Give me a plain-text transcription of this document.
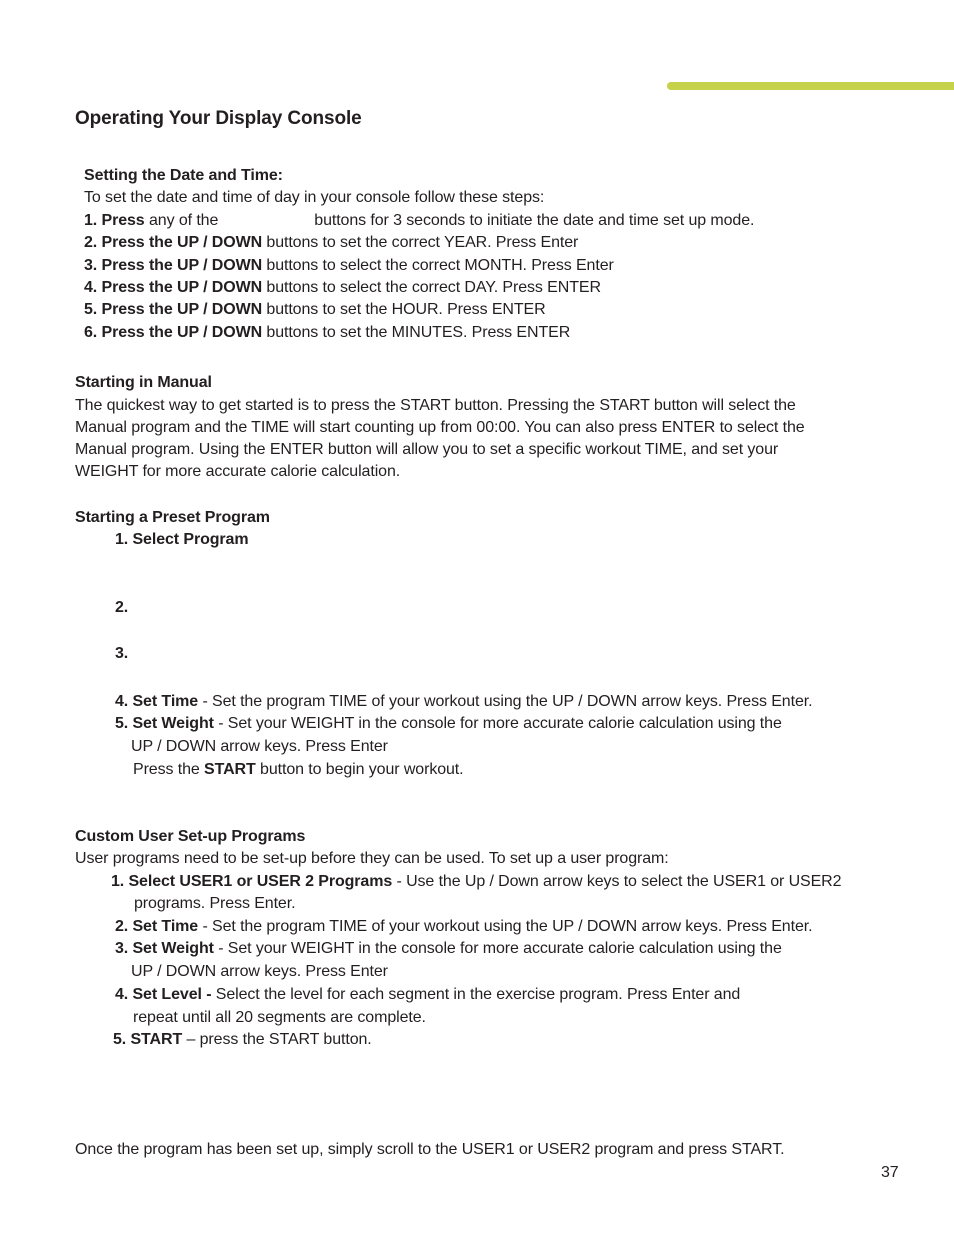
Operating Your Display Console
Setting the Date and Time:
To set the date and time of day in your console follow these steps:
1. Press any of the	buttons for 3 seconds to initiate the date and time set up mode.
2. Press the UP / DOWN buttons to set the correct YEAR. Press Enter
3. Press the UP / DOWN buttons to select the correct MONTH. Press Enter
4. Press the UP / DOWN buttons to select the correct DAY. Press ENTER
5. Press the UP / DOWN buttons to set the HOUR. Press ENTER
6. Press the UP / DOWN buttons to set the MINUTES. Press ENTER
Starting in Manual
The quickest way to get started is to press the START button. Pressing the START button will select the
Manual program and the TIME will start counting up from 00:00. You can also press ENTER to select the
Manual program. Using the ENTER button will allow you to set a specific workout TIME, and set your
WEIGHT for more accurate calorie calculation.
Starting a Preset Program
1. Select Program
2.
3.
4. Set Time - Set the program TIME of your workout using the UP / DOWN arrow keys. Press Enter.
5. Set Weight - Set your WEIGHT in the console for more accurate calorie calculation using the
UP / DOWN arrow keys. Press Enter
Press the START button to begin your workout.
Custom User Set-up Programs
User programs need to be set-up before they can be used. To set up a user program:
1. Select USER1 or USER 2 Programs - Use the Up / Down arrow keys to select the USER1 or USER2
programs. Press Enter.
2. Set Time - Set the program TIME of your workout using the UP / DOWN arrow keys. Press Enter.
3. Set Weight - Set your WEIGHT in the console for more accurate calorie calculation using the
UP / DOWN arrow keys. Press Enter
4. Set Level - Select the level for each segment in the exercise program. Press Enter and
repeat until all 20 segments are complete.
5. START – press the START button.
Once the program has been set up, simply scroll to the USER1 or USER2 program and press START.
37
